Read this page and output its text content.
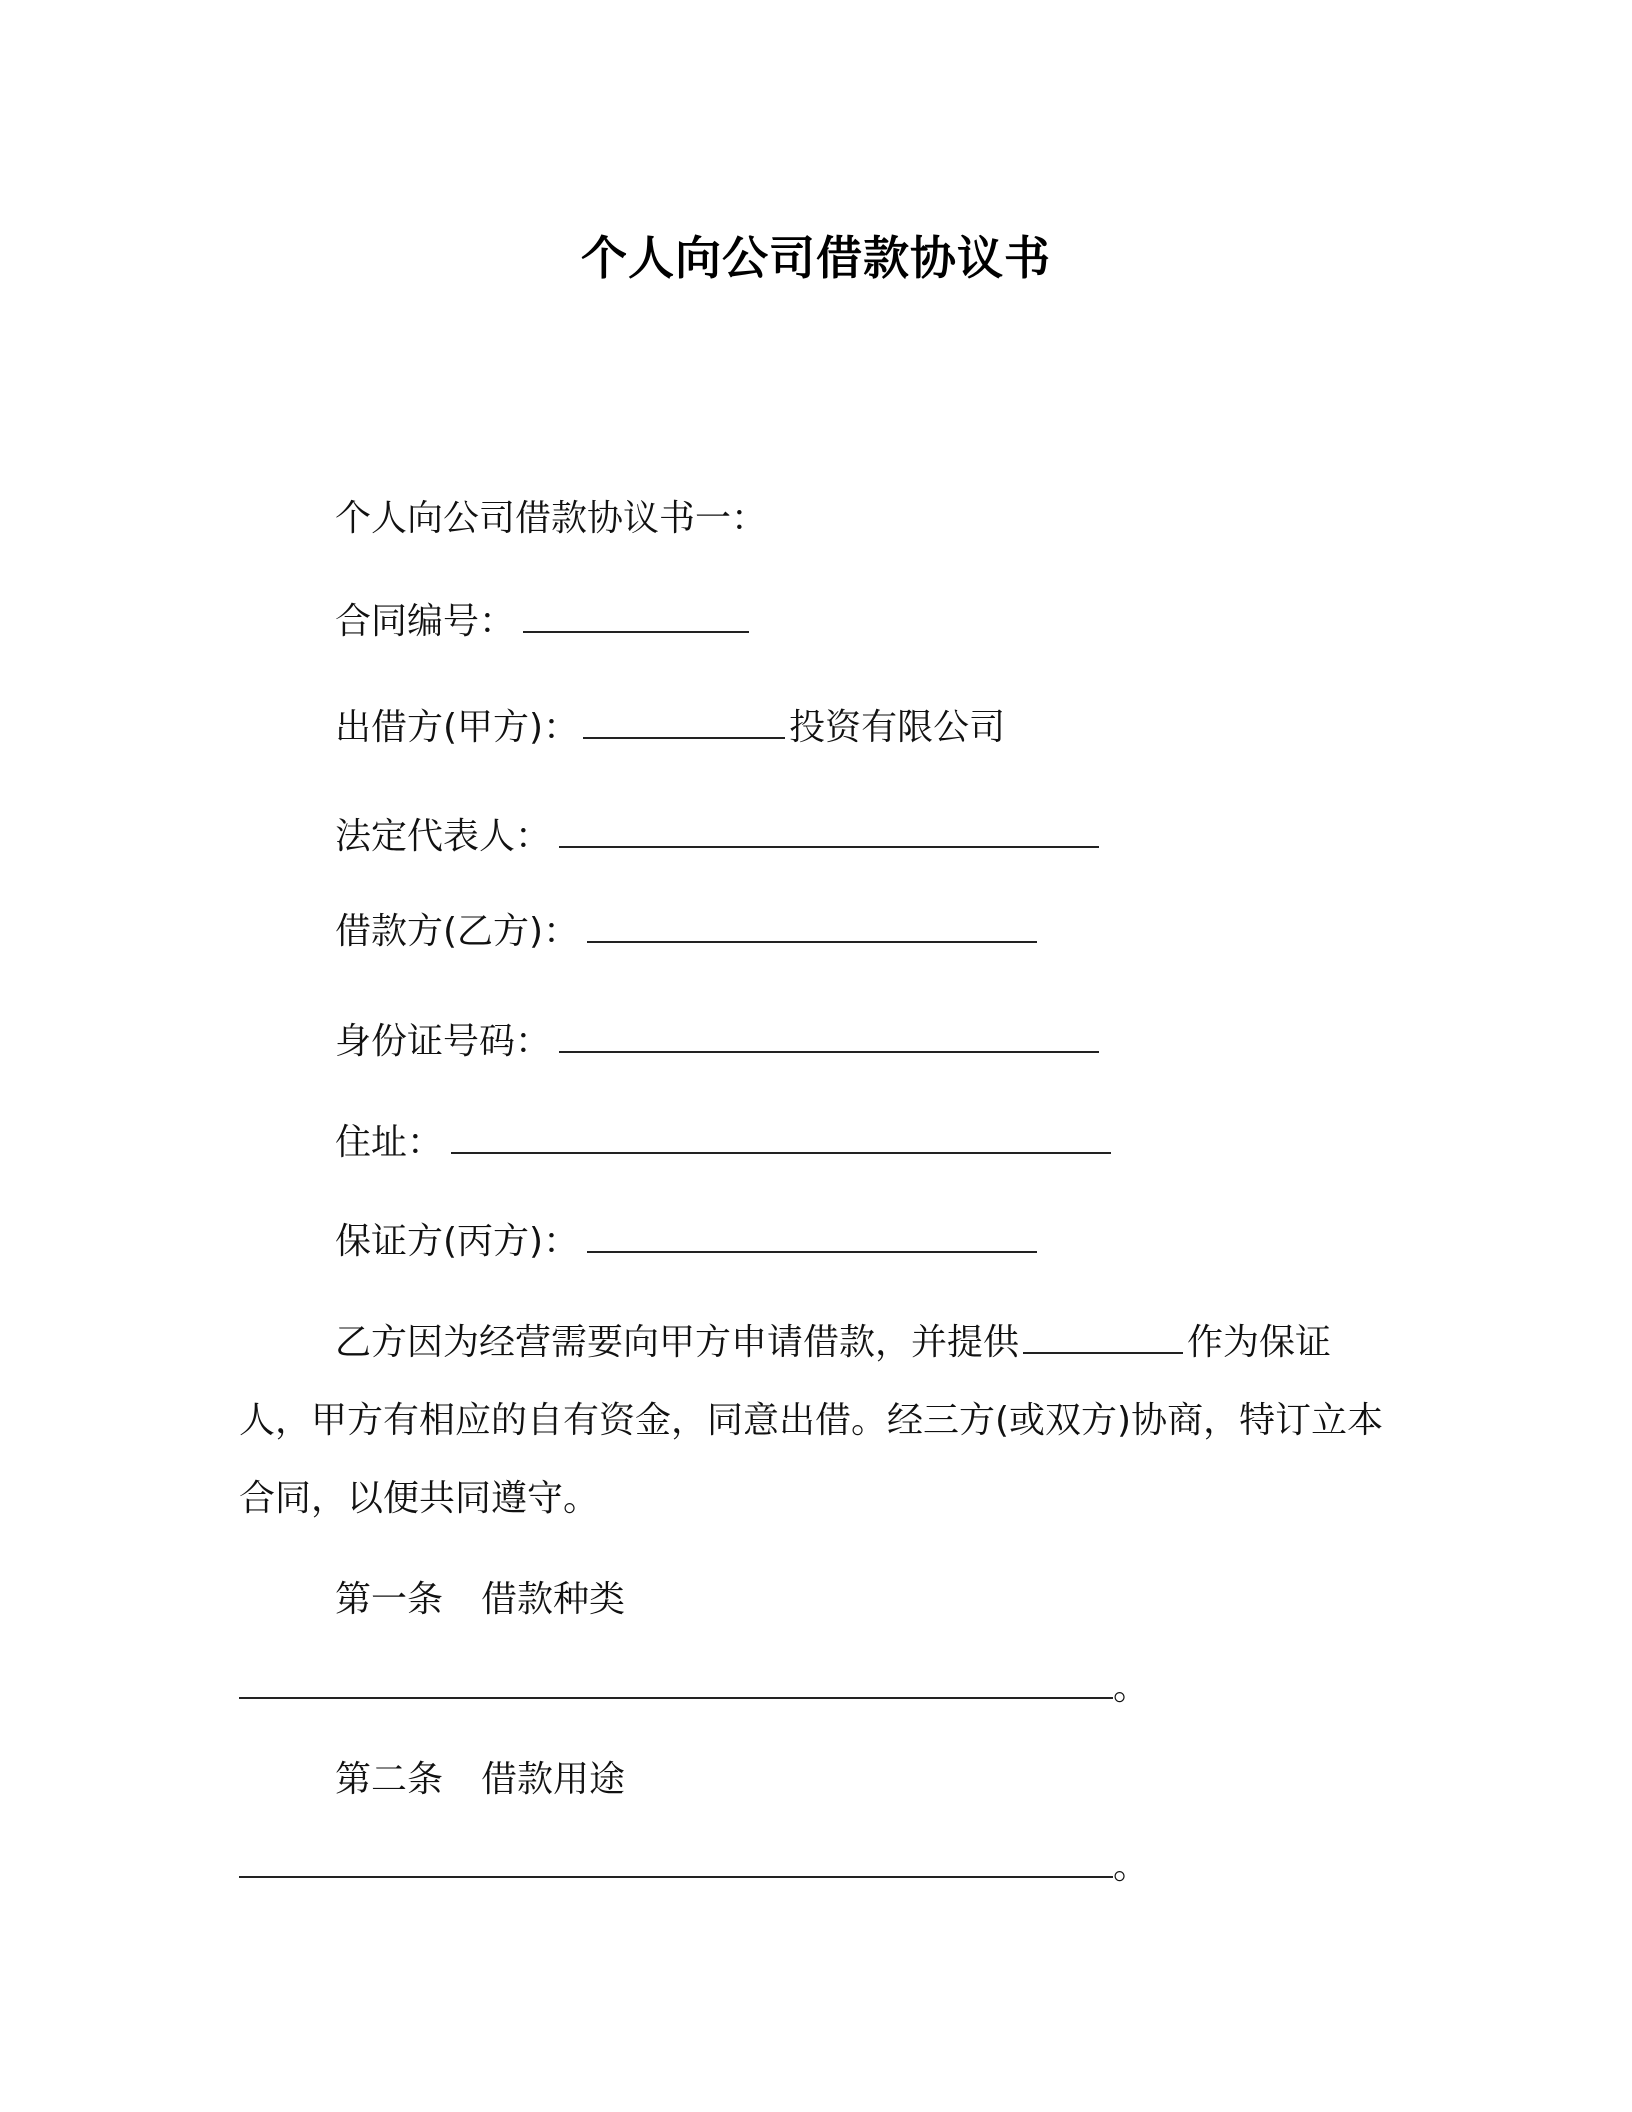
个人向公司借款协议书
个人向公司借款协议书一：
合同编号：
出借方(甲方)：	投资有限公司
法定代表人：
借款方(乙方)：
身份证号码：
住址：
保证方(丙方)：
乙方因为经营需要向甲方申请借款，并提供	作为保证人，甲方有相应的自有资金，同意出借。经三方(或双方)协商，特订立本合同，以便共同遵守。
第一条 借款种类
。
第二条 借款用途
。
